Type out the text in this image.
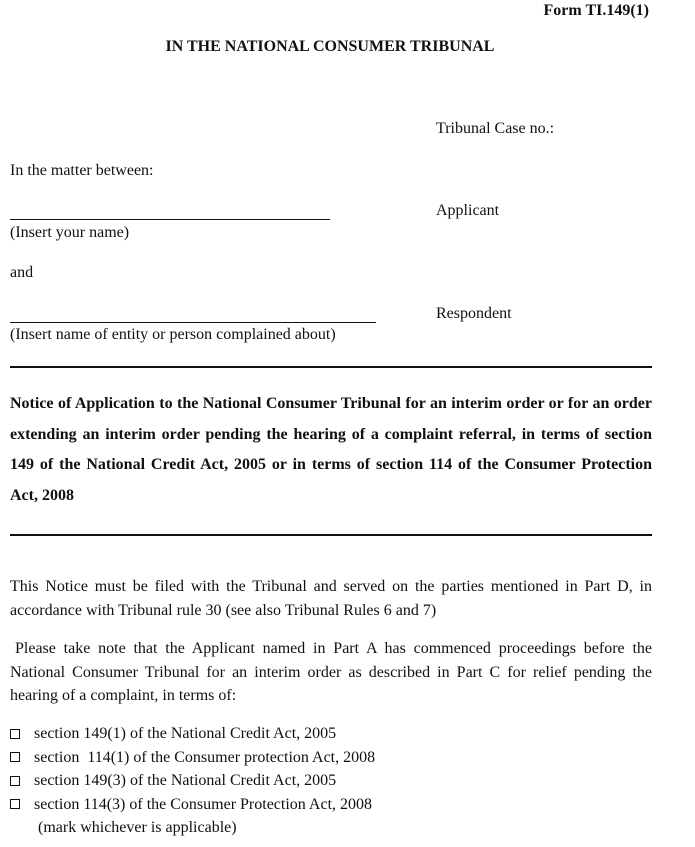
Form TI.149(1)
IN THE NATIONAL CONSUMER TRIBUNAL
Tribunal Case no.:
In the matter between:
(Insert your name)
Applicant
and
(Insert name of entity or person complained about)
Respondent
Notice of Application to the National Consumer Tribunal for an interim order or for an order extending an interim order pending the hearing of a complaint referral, in terms of section 149 of the National Credit Act, 2005 or in terms of section 114 of the Consumer Protection Act, 2008
This Notice must be filed with the Tribunal and served on the parties mentioned in Part D, in accordance with Tribunal rule 30 (see also Tribunal Rules 6 and 7)
Please take note that the Applicant named in Part A has commenced proceedings before the National Consumer Tribunal for an interim order as described in Part C for relief pending the hearing of a complaint, in terms of:
section 149(1) of the National Credit Act, 2005
section  114(1) of the Consumer protection Act, 2008
section 149(3) of the National Credit Act, 2005
section 114(3) of the Consumer Protection Act, 2008
(mark whichever is applicable)
